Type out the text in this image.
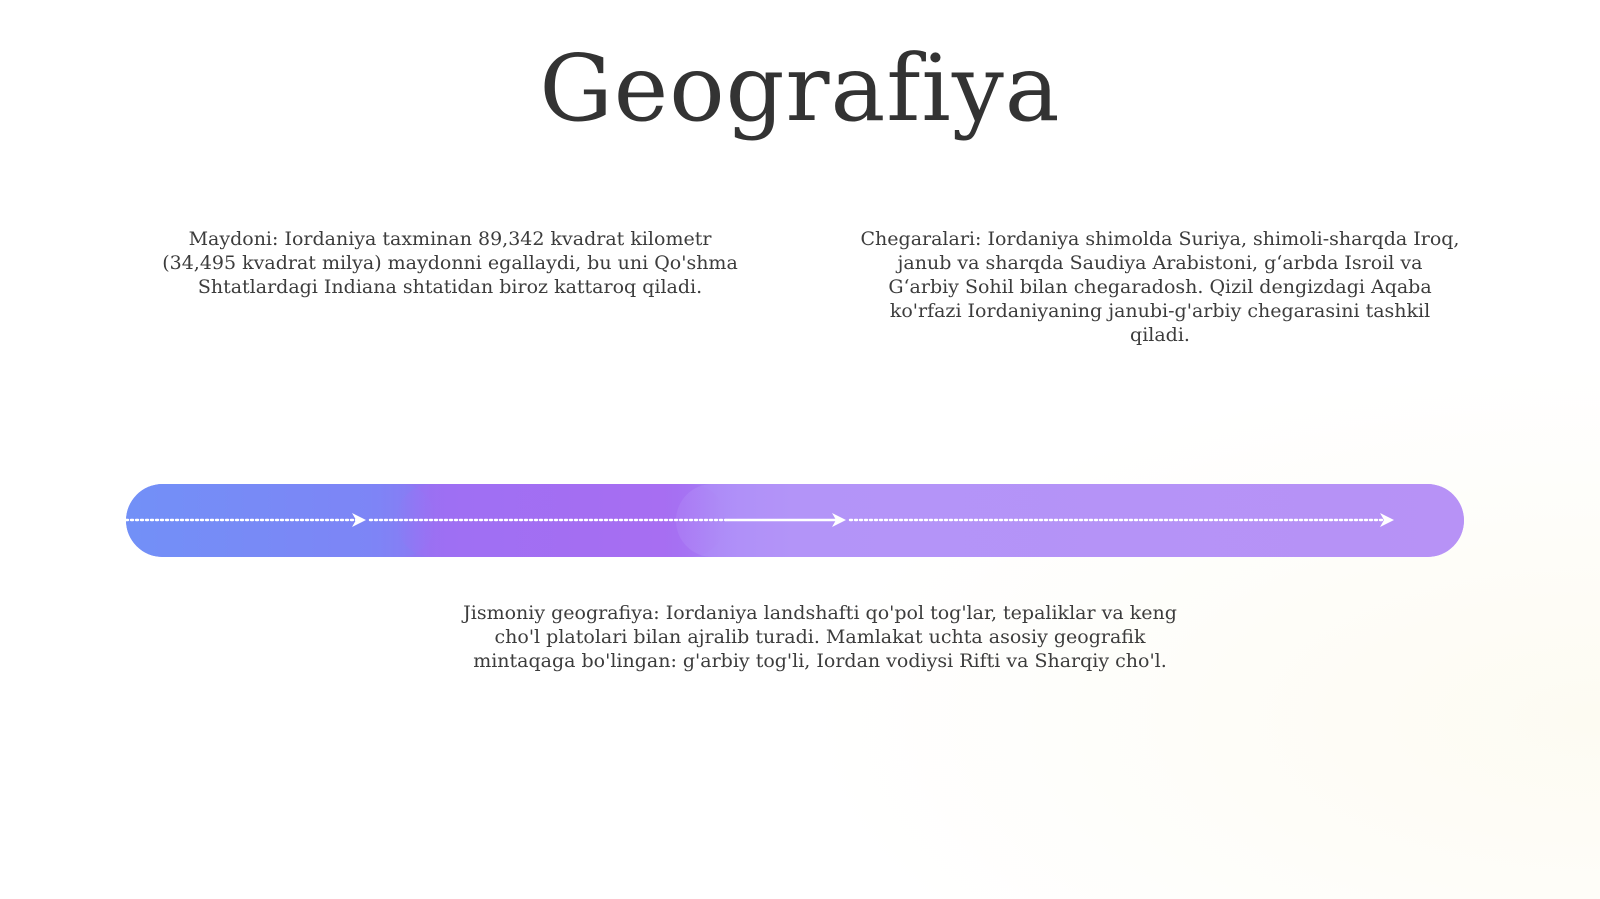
Geografiya
Maydoni: Iordaniya taxminan 89,342 kvadrat kilometr (34,495 kvadrat milya) maydonni egallaydi, bu uni Qo'shma Shtatlardagi Indiana shtatidan biroz kattaroq qiladi.
Chegaralari: Iordaniya shimolda Suriya, shimoli-sharqda Iroq, janub va sharqda Saudiya Arabistoni, g‘arbda Isroil va G‘arbiy Sohil bilan chegaradosh. Qizil dengizdagi Aqaba ko'rfazi Iordaniyaning janubi-g'arbiy chegarasini tashkil qiladi.
Jismoniy geografiya: Iordaniya landshafti qo'pol tog'lar, tepaliklar va keng cho'l platolari bilan ajralib turadi. Mamlakat uchta asosiy geografik mintaqaga bo'lingan: g'arbiy tog'li, Iordan vodiysi Rifti va Sharqiy cho'l.
